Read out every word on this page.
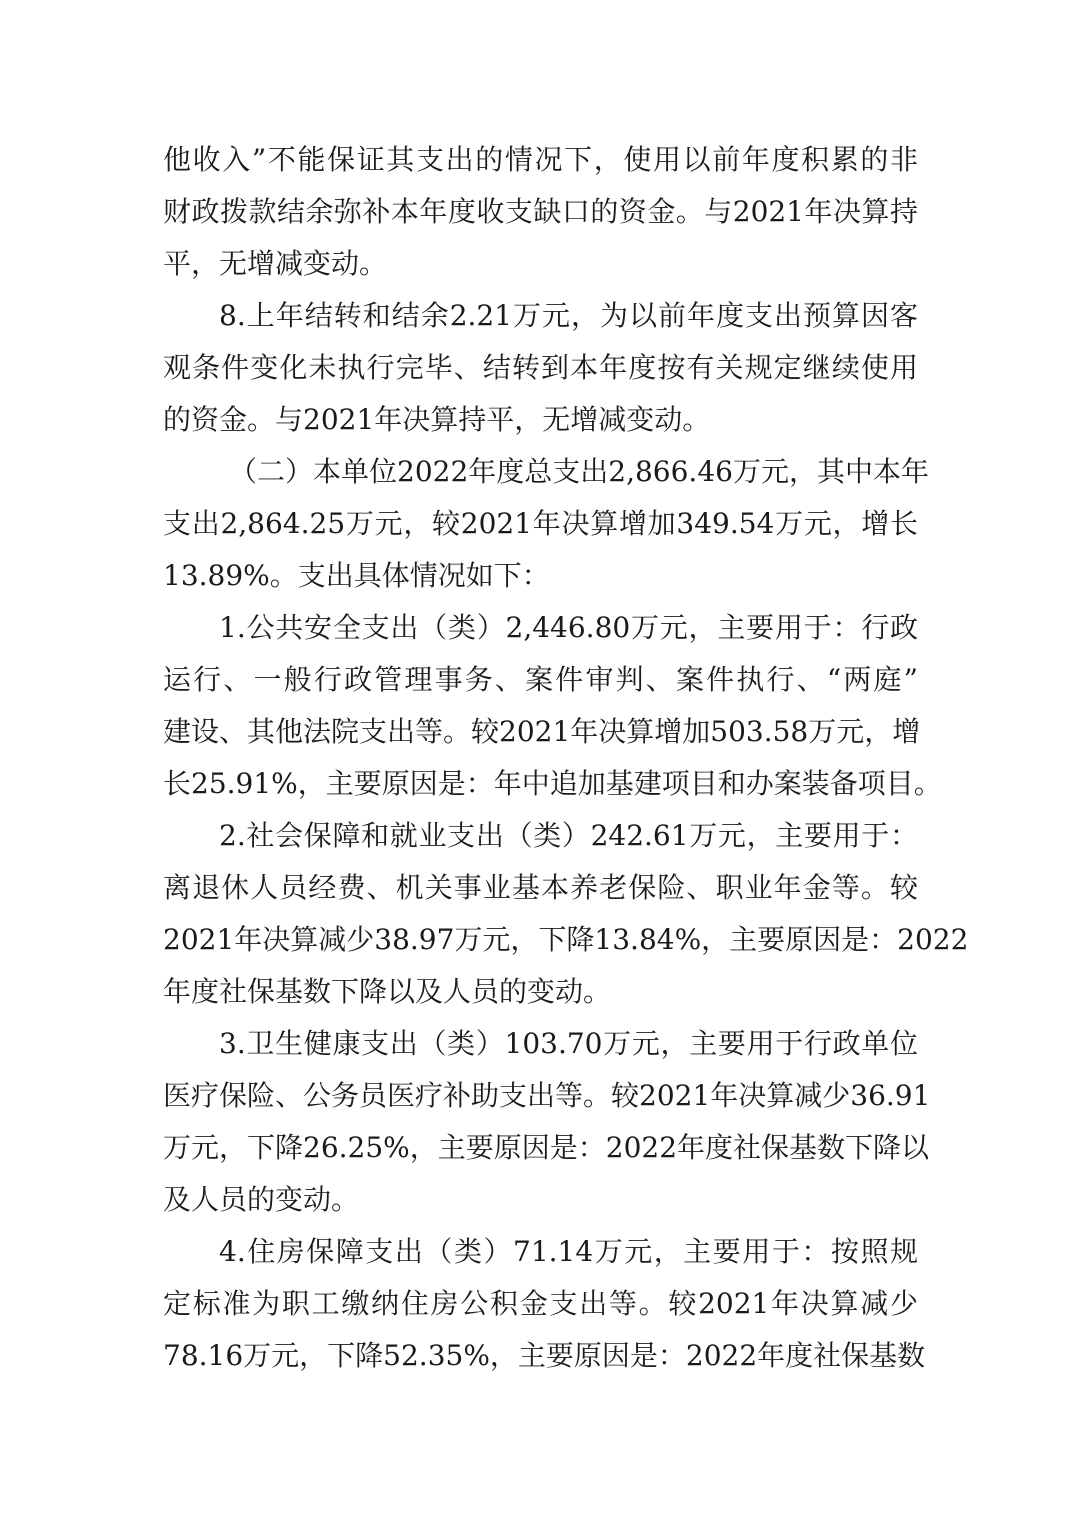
他收入”不能保证其支出的情况下，使用以前年度积累的非
财政拨款结余弥补本年度收支缺口的资金。与2021年决算持
平，无增减变动。
8.上年结转和结余2.21万元，为以前年度支出预算因客
观条件变化未执行完毕、结转到本年度按有关规定继续使用
的资金。与2021年决算持平，无增减变动。
（二）本单位2022年度总支出2,866.46万元，其中本年
支出2,864.25万元，较2021年决算增加349.54万元，增长
13.89%。支出具体情况如下：
1.公共安全支出（类）2,446.80万元，主要用于：行政
运行、一般行政管理事务、案件审判、案件执行、“两庭”
建设、其他法院支出等。较2021年决算增加503.58万元，增
长25.91%，主要原因是：年中追加基建项目和办案装备项目。
2.社会保障和就业支出（类）242.61万元，主要用于：
离退休人员经费、机关事业基本养老保险、职业年金等。较
2021年决算减少38.97万元，下降13.84%，主要原因是：2022
年度社保基数下降以及人员的变动。
3.卫生健康支出（类）103.70万元，主要用于行政单位
医疗保险、公务员医疗补助支出等。较2021年决算减少36.91
万元，下降26.25%，主要原因是：2022年度社保基数下降以
及人员的变动。
4.住房保障支出（类）71.14万元，主要用于：按照规
定标准为职工缴纳住房公积金支出等。较2021年决算减少
78.16万元，下降52.35%，主要原因是：2022年度社保基数
